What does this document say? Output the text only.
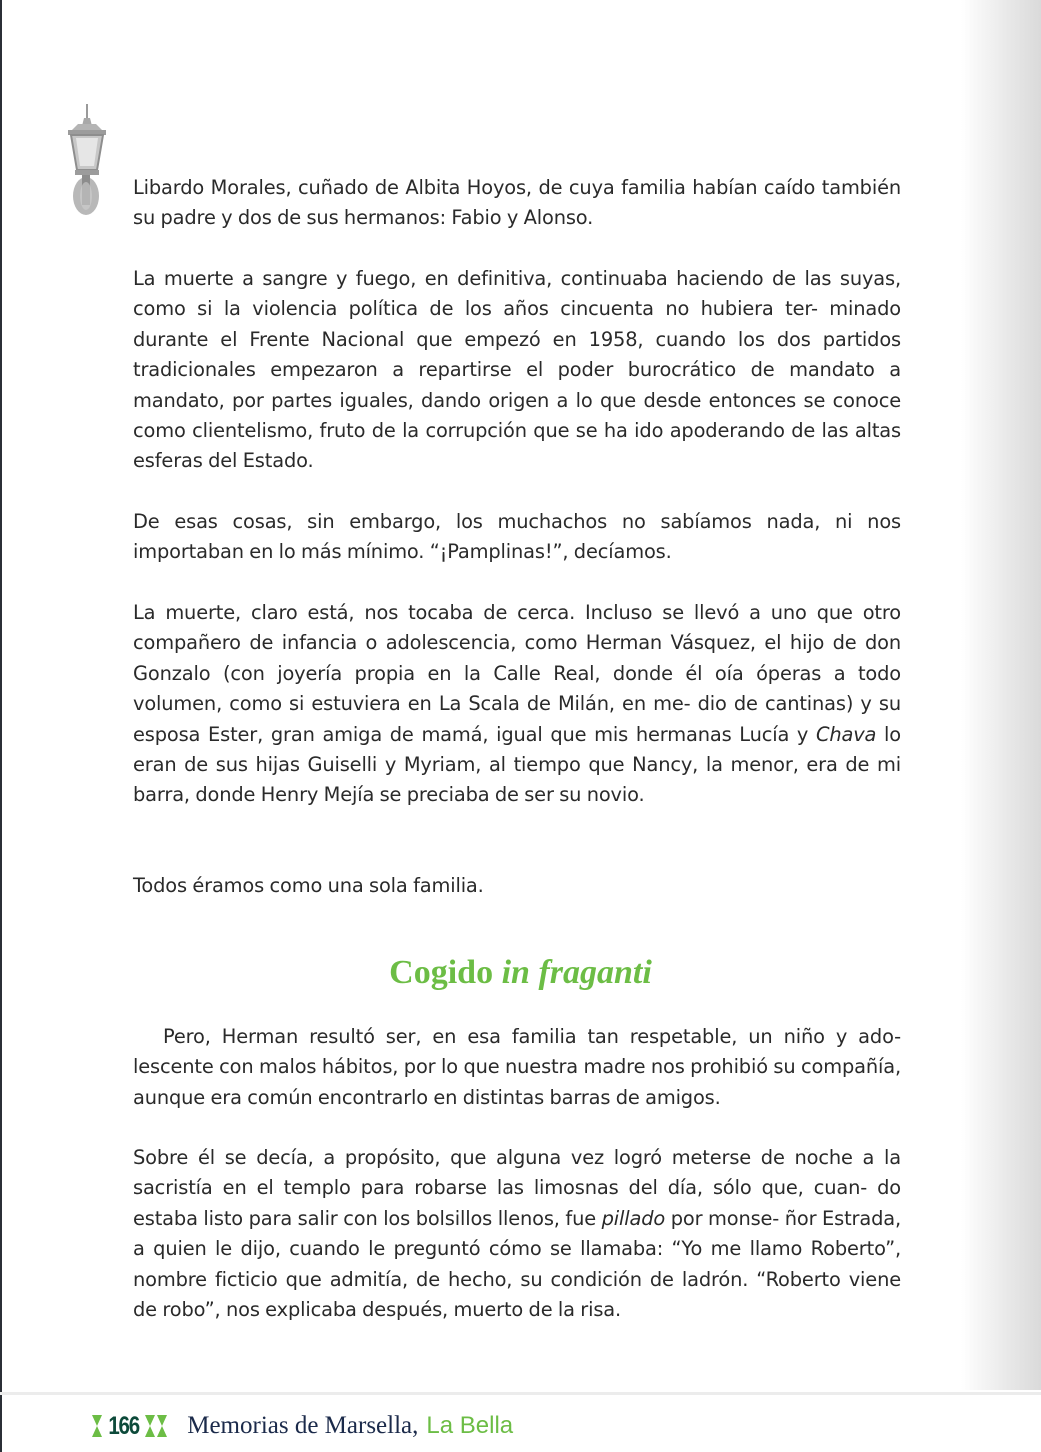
Libardo Morales, cuñado de Albita Hoyos, de cuya familia habían caído también su padre y dos de sus hermanos: Fabio y Alonso.

La muerte a sangre y fuego, en definitiva, continuaba haciendo de las suyas, como si la violencia política de los años cincuenta no hubiera ter- minado durante el Frente Nacional que empezó en 1958, cuando los dos partidos tradicionales empezaron a repartirse el poder burocrático de mandato a mandato, por partes iguales, dando origen a lo que desde entonces se conoce como clientelismo, fruto de la corrupción que se ha ido apoderando de las altas esferas del Estado.

De esas cosas, sin embargo, los muchachos no sabíamos nada, ni nos importaban en lo más mínimo. “¡Pamplinas!”, decíamos.

La muerte, claro está, nos tocaba de cerca. Incluso se llevó a uno que otro compañero de infancia o adolescencia, como Herman Vásquez, el hijo de don Gonzalo (con joyería propia en la Calle Real, donde él oía óperas a todo volumen, como si estuviera en La Scala de Milán, en me- dio de cantinas) y su esposa Ester, gran amiga de mamá, igual que mis hermanas Lucía y Chava lo eran de sus hijas Guiselli y Myriam, al tiempo que Nancy, la menor, era de mi barra, donde Henry Mejía se preciaba de ser su novio.

Todos éramos como una sola familia.

Cogido in fraganti

Pero, Herman resultó ser, en esa familia tan respetable, un niño y ado- lescente con malos hábitos, por lo que nuestra madre nos prohibió su compañía, aunque era común encontrarlo en distintas barras de amigos.

Sobre él se decía, a propósito, que alguna vez logró meterse de noche a la sacristía en el templo para robarse las limosnas del día, sólo que, cuan- do estaba listo para salir con los bolsillos llenos, fue pillado por monse- ñor Estrada, a quien le dijo, cuando le preguntó cómo se llamaba: “Yo me llamo Roberto”, nombre ficticio que admitía, de hecho, su condición de ladrón. “Roberto viene de robo”, nos explicaba después, muerto de la risa.

166 Memorias de Marsella, La Bella
